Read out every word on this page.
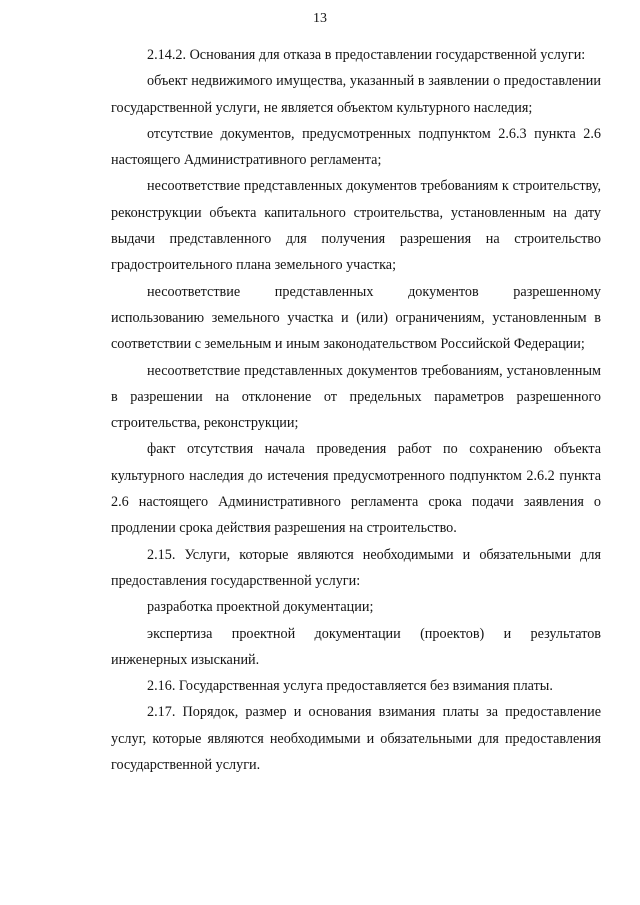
13

2.14.2. Основания для отказа в предоставлении государственной услуги:

объект недвижимого имущества, указанный в заявлении о предоставлении государственной услуги, не является объектом культурного наследия;

отсутствие документов, предусмотренных подпунктом 2.6.3 пункта 2.6 настоящего Административного регламента;

несоответствие представленных документов требованиям к строительству, реконструкции объекта капитального строительства, установленным на дату выдачи представленного для получения разрешения на строительство градостроительного плана земельного участка;

несоответствие представленных документов разрешенному использованию земельного участка и (или) ограничениям, установленным в соответствии с земельным и иным законодательством Российской Федерации;

несоответствие представленных документов требованиям, установленным в разрешении на отклонение от предельных параметров разрешенного строительства, реконструкции;

факт отсутствия начала проведения работ по сохранению объекта культурного наследия до истечения предусмотренного подпунктом 2.6.2 пункта 2.6 настоящего Административного регламента срока подачи заявления о продлении срока действия разрешения на строительство.

2.15. Услуги, которые являются необходимыми и обязательными для предоставления государственной услуги:

разработка проектной документации;

экспертиза проектной документации (проектов) и результатов инженерных изысканий.

2.16. Государственная услуга предоставляется без взимания платы.

2.17. Порядок, размер и основания взимания платы за предоставление услуг, которые являются необходимыми и обязательными для предоставления государственной услуги.
